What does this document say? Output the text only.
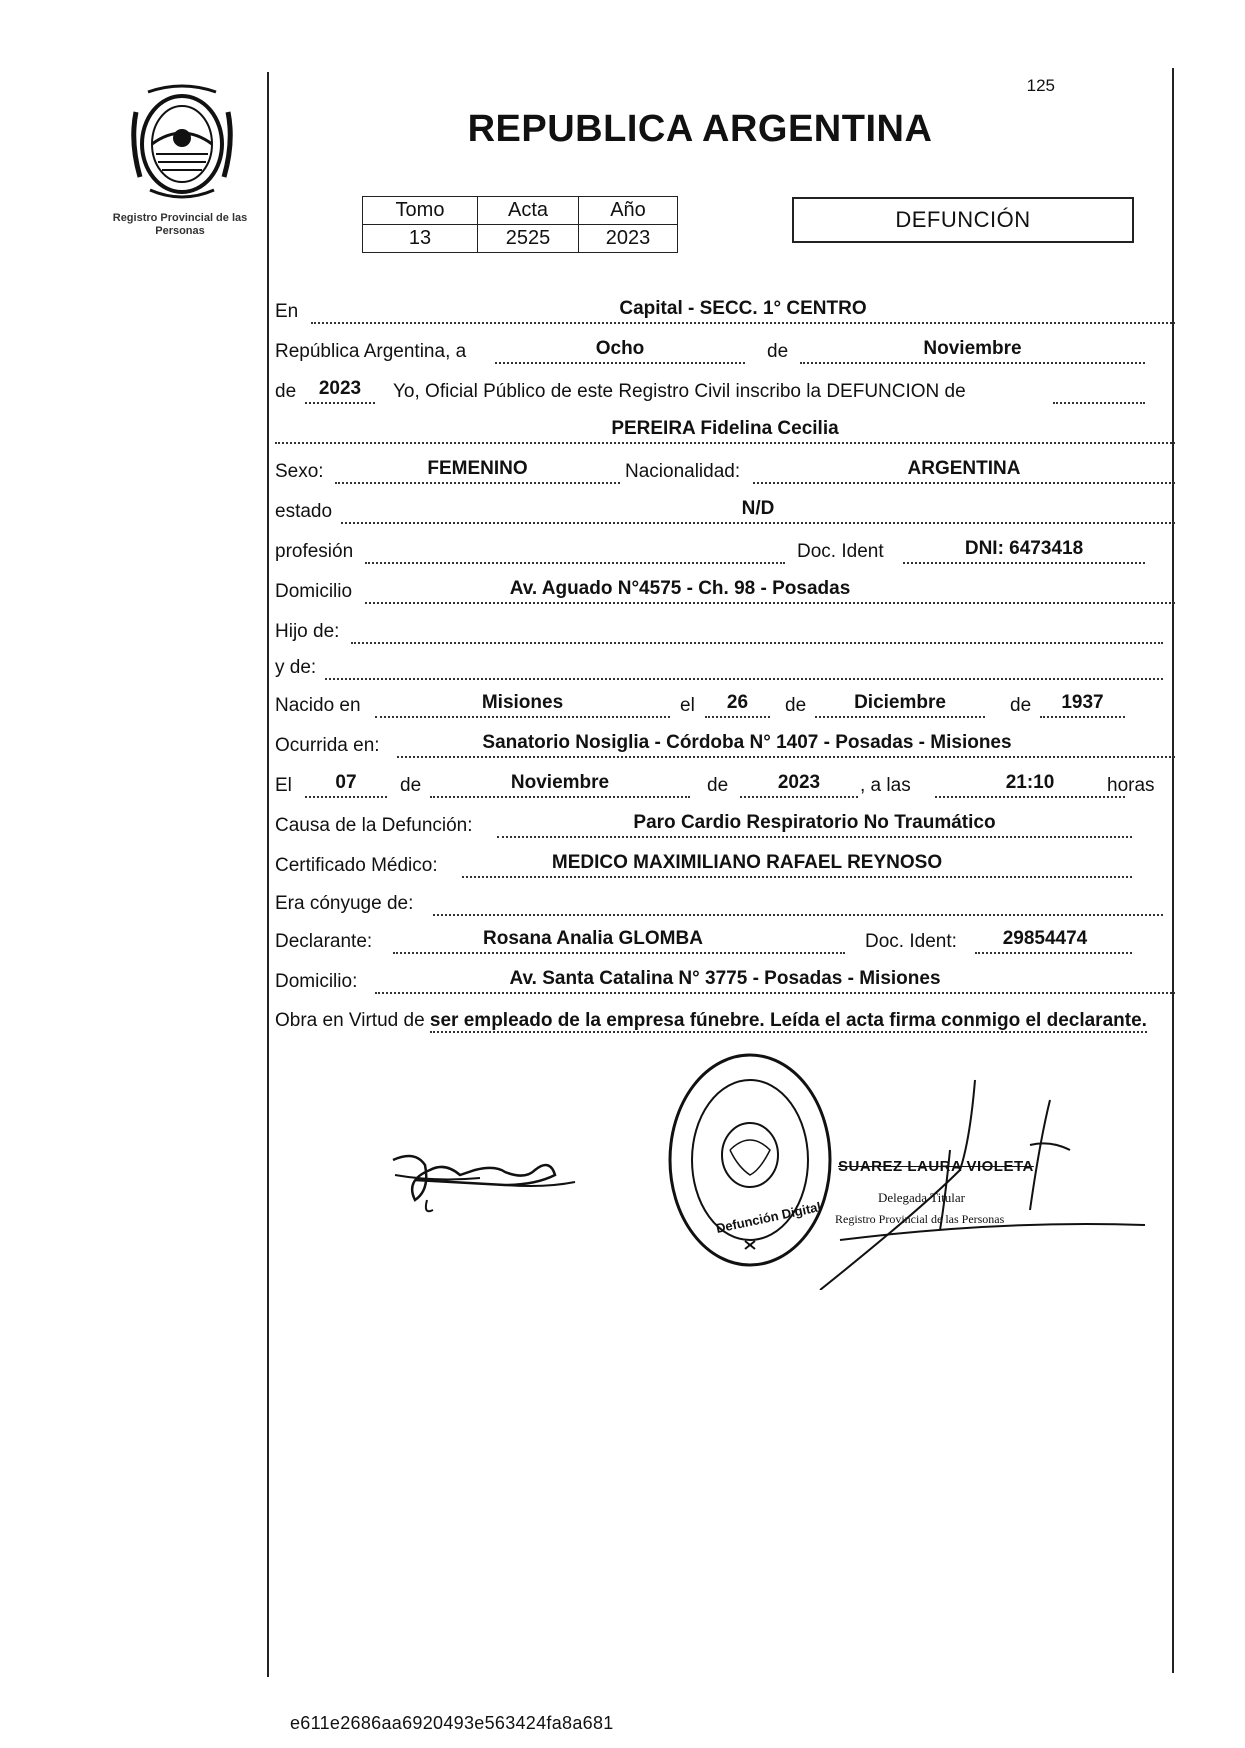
125
Registro Provincial de las Personas
REPUBLICA ARGENTINA
Tomo	Acta	Año
13	2525	2023
DEFUNCIÓN
En	Capital - SECC. 1° CENTRO
República Argentina, a	Ocho	de	Noviembre
de	2023	Yo, Oficial Público de este Registro Civil inscribo la DEFUNCION de
PEREIRA Fidelina Cecilia
Sexo:	FEMENINO	Nacionalidad:	ARGENTINA
estado	N/D
profesión	Doc. Ident	DNI: 6473418
Domicilio	Av. Aguado N°4575 - Ch. 98 - Posadas
Hijo de:
y de:
Nacido en	Misiones	el	26	de	Diciembre	de	1937
Ocurrida en:	Sanatorio Nosiglia - Córdoba N° 1407 - Posadas - Misiones
El	07	de	Noviembre	de	2023	, a las	21:10	horas
Causa de la Defunción:	Paro Cardio Respiratorio No Traumático
Certificado Médico:	MEDICO MAXIMILIANO RAFAEL REYNOSO
Era cónyuge de:
Declarante:	Rosana Analia GLOMBA	Doc. Ident:	29854474
Domicilio:	Av. Santa Catalina N° 3775 - Posadas - Misiones
Obra en Virtud de ser empleado de la empresa fúnebre. Leída el acta firma conmigo el declarante.
Defunción Digital
SUAREZ LAURA VIOLETA
Delegada Titular
Registro Provincial de las Personas
e611e2686aa6920493e563424fa8a681
